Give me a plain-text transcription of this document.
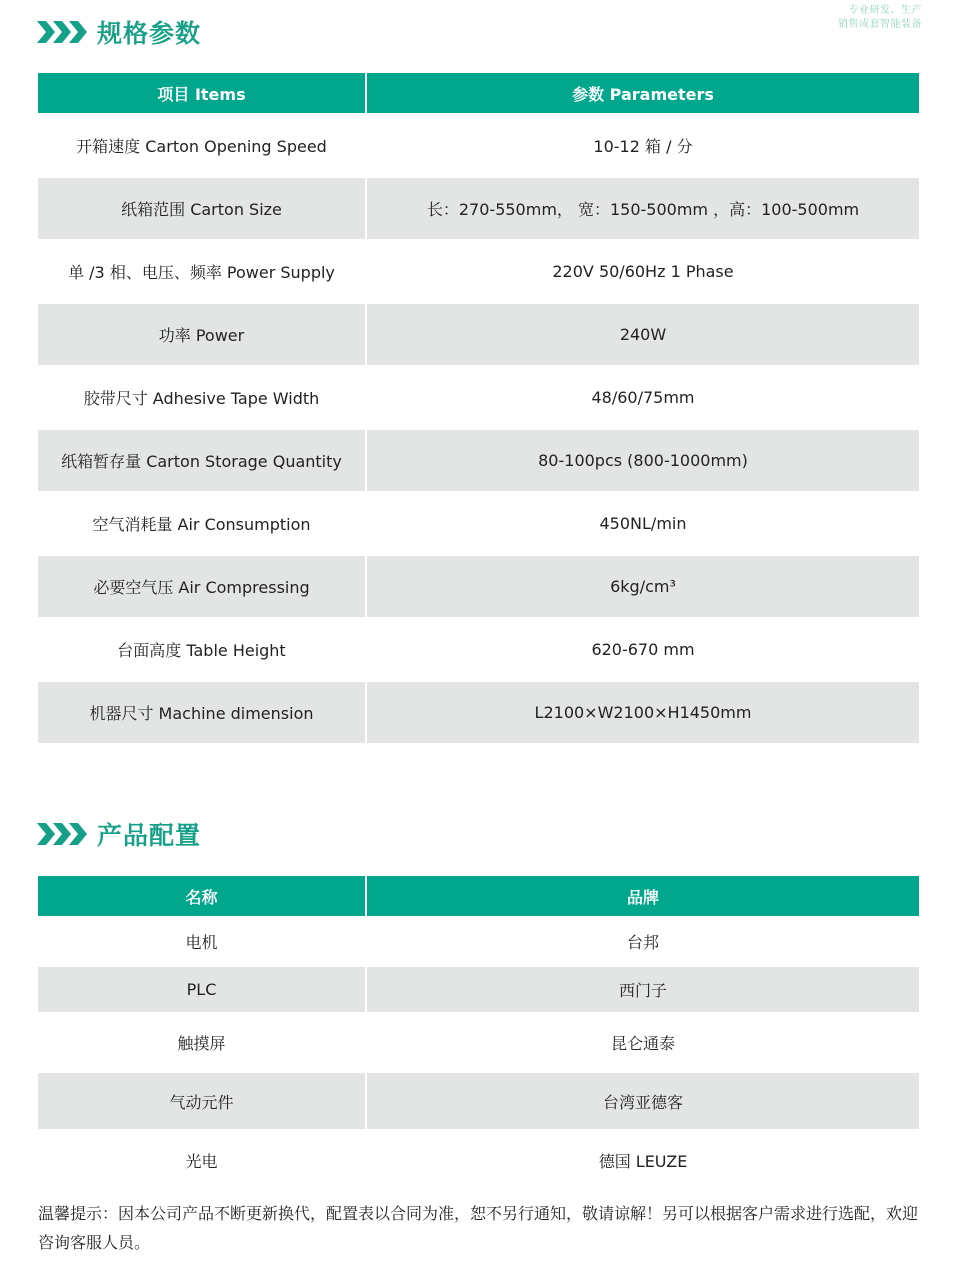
专业研发、生产
销售成套智能装备
规格参数
项目 Items	参数 Parameters
开箱速度 Carton Opening Speed	10-12 箱 / 分
纸箱范围 Carton Size	长：270-550mm， 宽：150-500mm ，高：100-500mm
单 /3 相、电压、频率 Power Supply	220V 50/60Hz 1 Phase
功率 Power	240W
胶带尺寸 Adhesive Tape Width	48/60/75mm
纸箱暂存量 Carton Storage Quantity	80-100pcs (800-1000mm)
空气消耗量 Air Consumption	450NL/min
必要空气压 Air Compressing	6kg/cm³
台面高度 Table Height	620-670 mm
机器尺寸 Machine dimension	L2100×W2100×H1450mm
产品配置
名称	品牌
电机	台邦
PLC	西门子
触摸屏	昆仑通泰
气动元件	台湾亚德客
光电	德国 LEUZE
温馨提示：因本公司产品不断更新换代，配置表以合同为准，恕不另行通知，敬请谅解！另可以根据客户需求进行选配，欢迎咨询客服人员。
